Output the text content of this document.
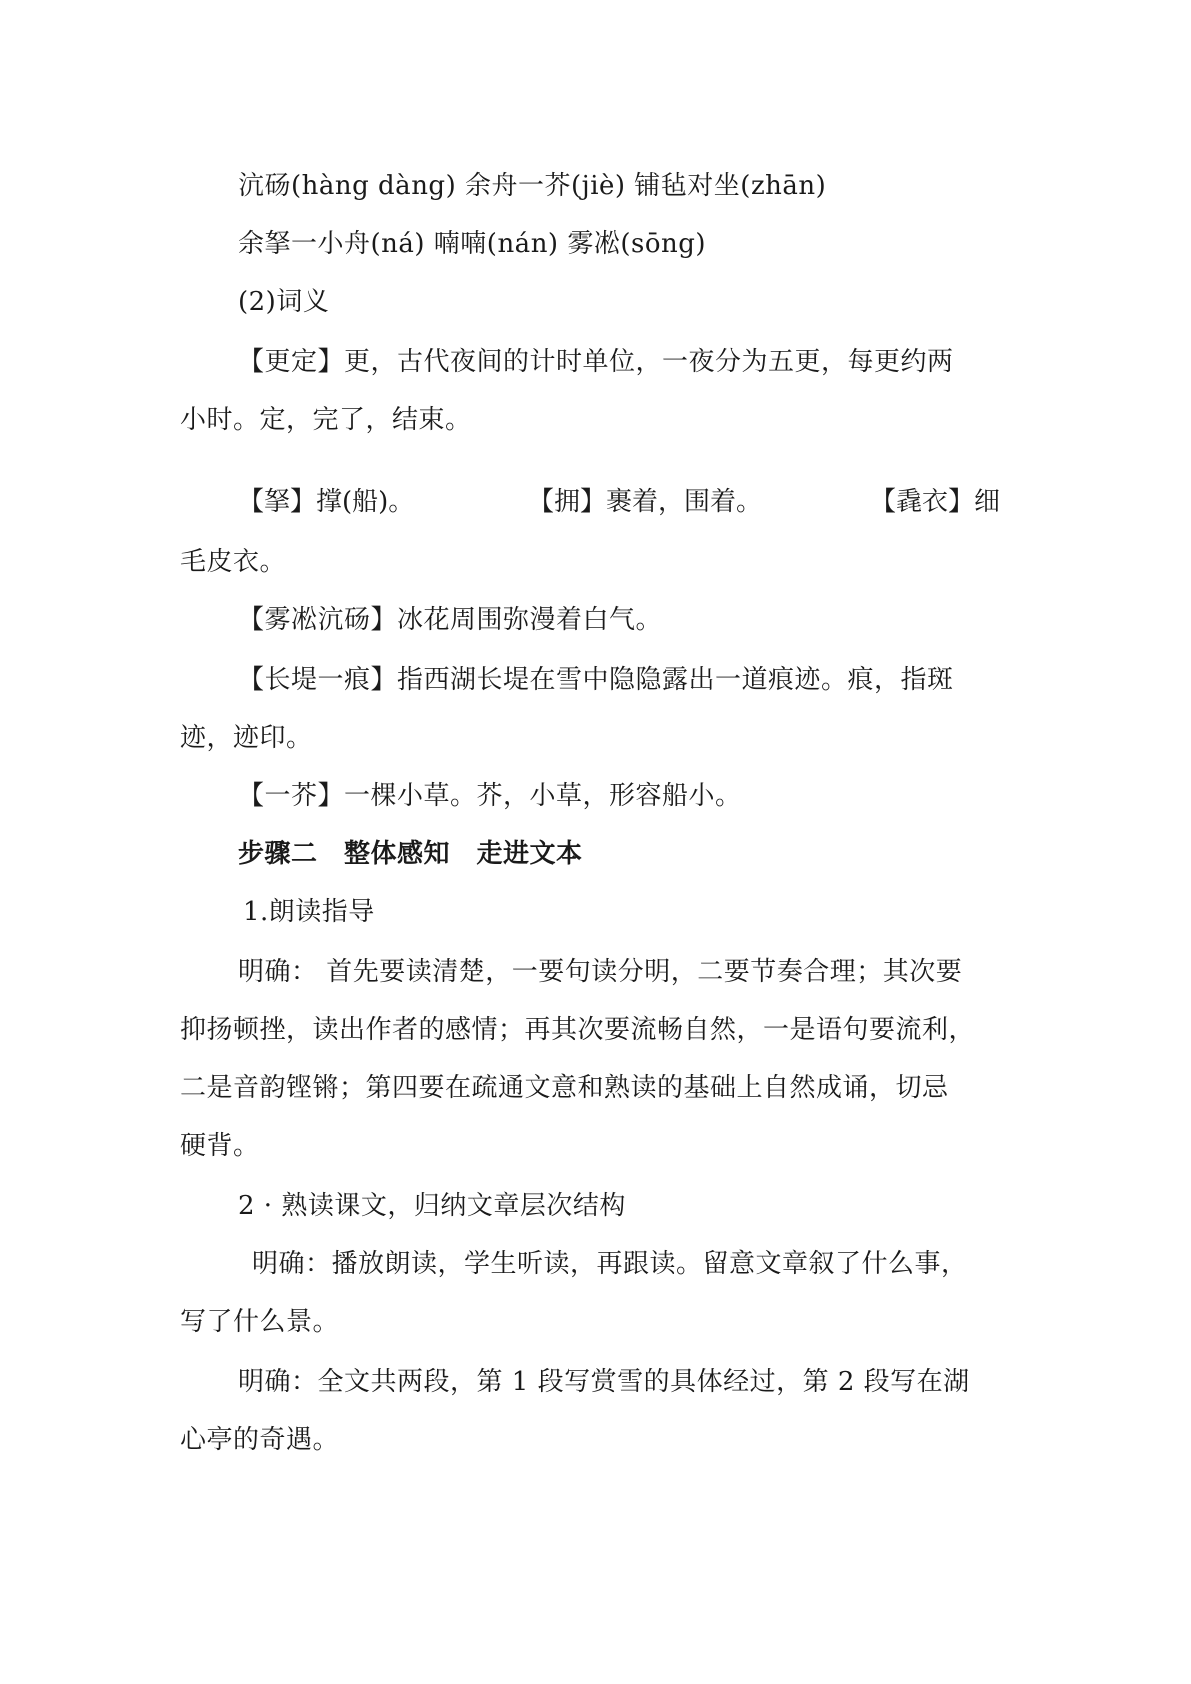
沆砀(hàng dàng) 余舟一芥(jiè) 铺毡对坐(zhān)
余拏一小舟(ná) 喃喃(nán) 雾凇(sōng)
(2)词义
【更定】更，古代夜间的计时单位，一夜分为五更，每更约两
小时。定，完了，结束。
【拏】撑(船)。	【拥】裹着，围着。	【毳衣】细
毛皮衣。
【雾凇沆砀】冰花周围弥漫着白气。
【长堤一痕】指西湖长堤在雪中隐隐露出一道痕迹。痕，指斑
迹，迹印。
【一芥】一棵小草。芥，小草，形容船小。
步骤二　整体感知　走进文本
1.朗读指导
明确： 首先要读清楚，一要句读分明，二要节奏合理；其次要
抑扬顿挫，读出作者的感情；再其次要流畅自然，一是语句要流利，
二是音韵铿锵；第四要在疏通文意和熟读的基础上自然成诵，切忌
硬背。
2 · 熟读课文，归纳文章层次结构
明确：播放朗读，学生听读，再跟读。留意文章叙了什么事，
写了什么景。
明确：全文共两段，第 1 段写赏雪的具体经过，第 2 段写在湖
心亭的奇遇。
